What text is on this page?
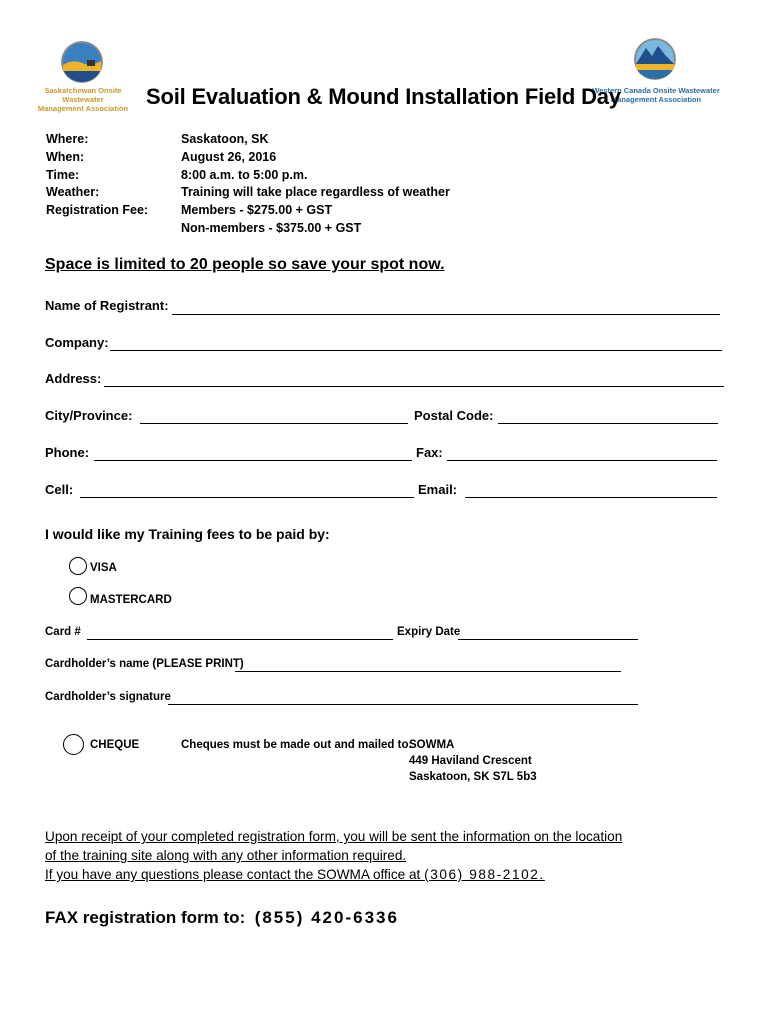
Saskatchewan Onsite Wastewater
Management Association
Western Canada Onsite Wastewater
Management Association
Soil Evaluation & Mound Installation Field Day
Where:	Saskatoon, SK
When:	August 26, 2016
Time:	8:00 a.m. to 5:00 p.m.
Weather:	Training will take place regardless of weather
Registration Fee:	Members - $275.00 + GST
Non-members - $375.00 + GST
Space is limited to 20 people so save your spot now.
Name of Registrant:
Company:
Address:
City/Province:	Postal Code:
Phone:	Fax:
Cell:	Email:
I would like my Training fees to be paid by:
VISA
MASTERCARD
Card #	Expiry Date
Cardholder’s name (PLEASE PRINT)
Cardholder’s signature
CHEQUE	Cheques must be made out and mailed to:
SOWMA
449 Haviland Crescent
Saskatoon, SK S7L 5b3
Upon receipt of your completed registration form, you will be sent the information on the location
of the training site along with any other information required.
If you have any questions please contact the SOWMA office at (306) 988-2102.
FAX registration form to: (855) 420-6336
